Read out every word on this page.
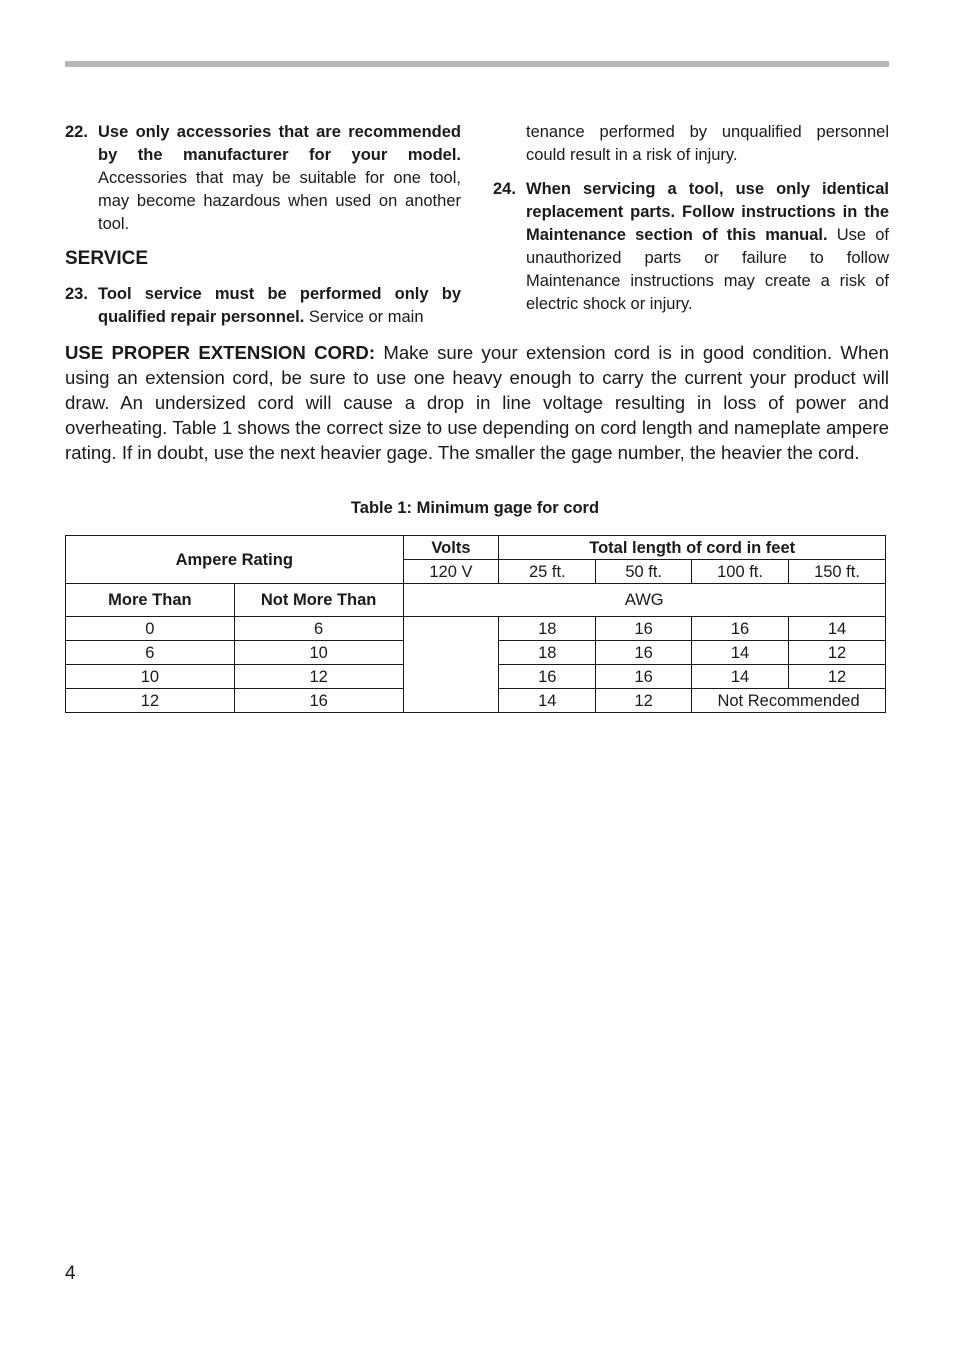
22. Use only accessories that are recommended by the manufacturer for your model. Accessories that may be suitable for one tool, may become hazardous when used on another tool.
SERVICE
23. Tool service must be performed only by qualified repair personnel. Service or main
tenance performed by unqualified personnel could result in a risk of injury.
24. When servicing a tool, use only identical replacement parts. Follow instructions in the Maintenance section of this manual. Use of unauthorized parts or failure to follow Maintenance instructions may create a risk of electric shock or injury.
USE PROPER EXTENSION CORD: Make sure your extension cord is in good condition. When using an extension cord, be sure to use one heavy enough to carry the current your product will draw. An undersized cord will cause a drop in line voltage resulting in loss of power and overheating. Table 1 shows the correct size to use depending on cord length and nameplate ampere rating. If in doubt, use the next heavier gage. The smaller the gage number, the heavier the cord.
Table 1: Minimum gage for cord
Ampere Rating		Volts	Total length of cord in feet			
		120 V	25 ft.	50 ft.	100 ft.	150 ft.
More Than	Not More Than	AWG				
0	6		18	16	16	14
6	10		18	16	14	12
10	12		16	16	14	12
12	16		14	12	Not Recommended	
4
